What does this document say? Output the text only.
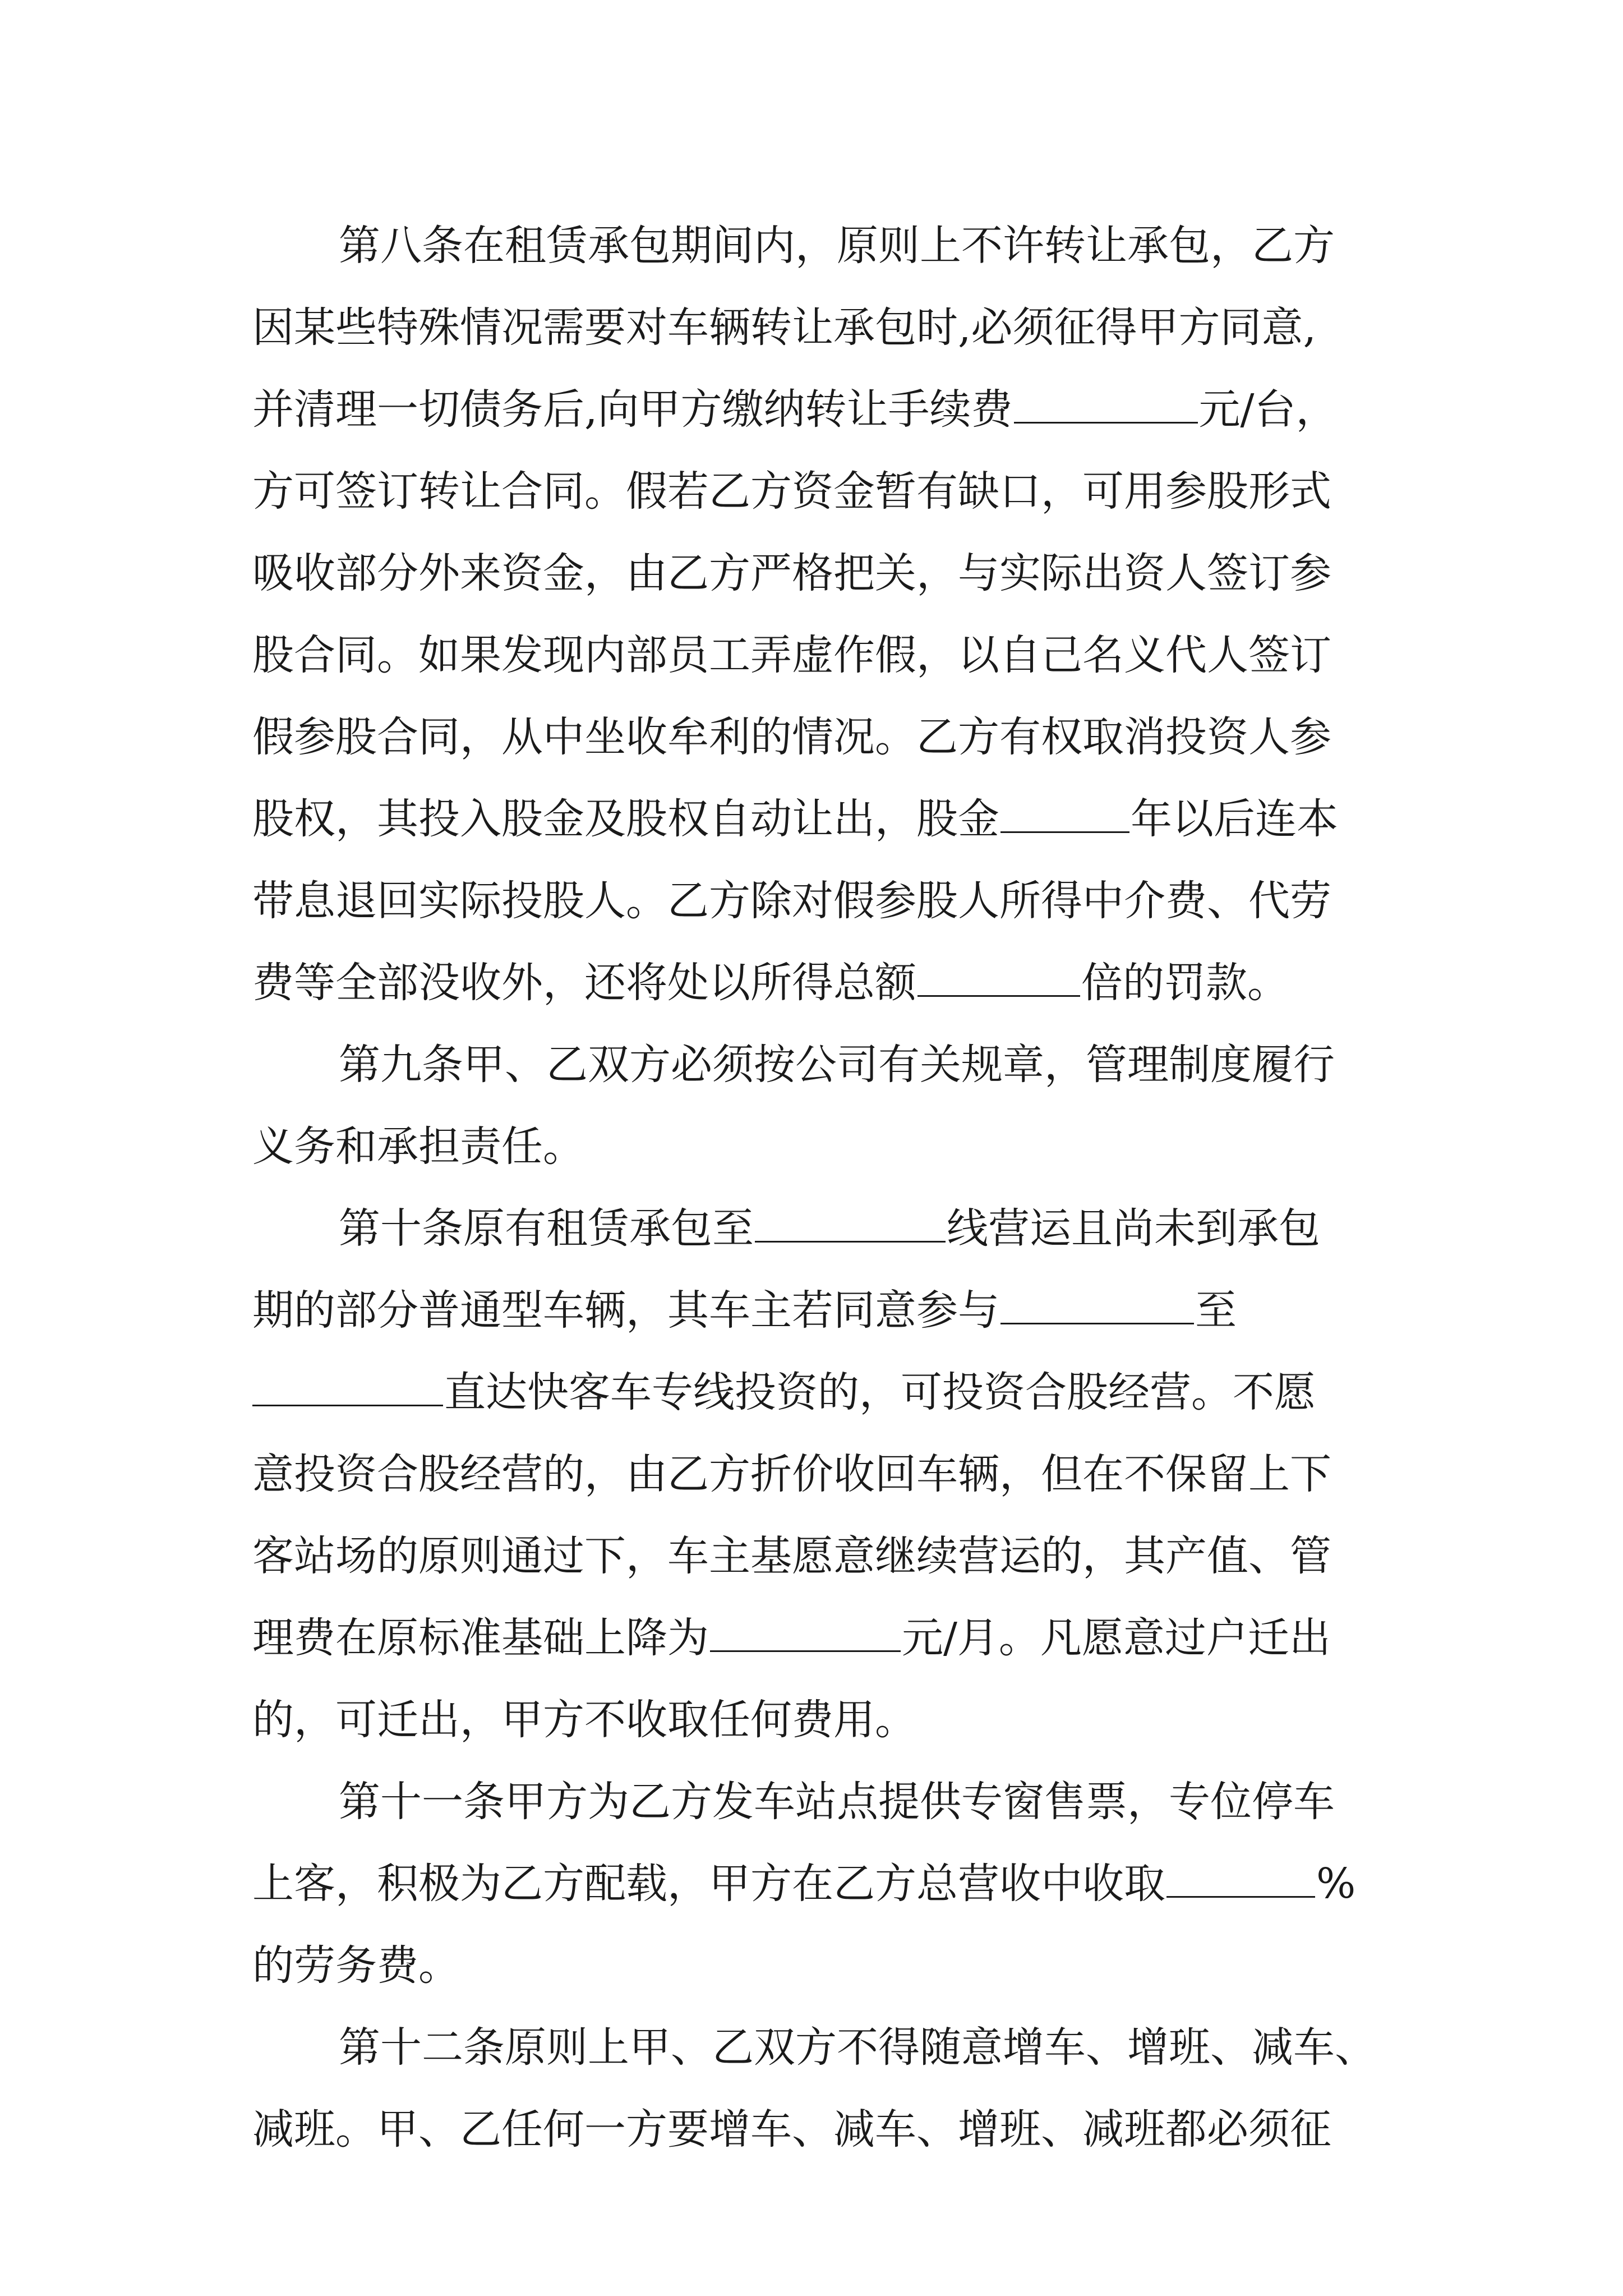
第八条在租赁承包期间内，原则上不许转让承包，乙方
因某些特殊情况需要对车辆转让承包时,必须征得甲方同意,
并清理一切债务后,向甲方缴纳转让手续费	元/台，
方可签订转让合同。假若乙方资金暂有缺口，可用参股形式
吸收部分外来资金，由乙方严格把关，与实际出资人签订参
股合同。如果发现内部员工弄虚作假，以自己名义代人签订
假参股合同，从中坐收牟利的情况。乙方有权取消投资人参
股权，其投入股金及股权自动让出，股金	年以后连本
带息退回实际投股人。乙方除对假参股人所得中介费、代劳
费等全部没收外，还将处以所得总额	倍的罚款。
第九条甲、乙双方必须按公司有关规章，管理制度履行
义务和承担责任。
第十条原有租赁承包至	线营运且尚未到承包
期的部分普通型车辆，其车主若同意参与	至
直达快客车专线投资的，可投资合股经营。不愿
意投资合股经营的，由乙方折价收回车辆，但在不保留上下
客站场的原则通过下，车主基愿意继续营运的，其产值、管
理费在原标准基础上降为	元/月。凡愿意过户迁出
的，可迁出，甲方不收取任何费用。
第十一条甲方为乙方发车站点提供专窗售票，专位停车
上客，积极为乙方配载，甲方在乙方总营收中收取	%
的劳务费。
第十二条原则上甲、乙双方不得随意增车、增班、减车、
减班。甲、乙任何一方要增车、减车、增班、减班都必须征
